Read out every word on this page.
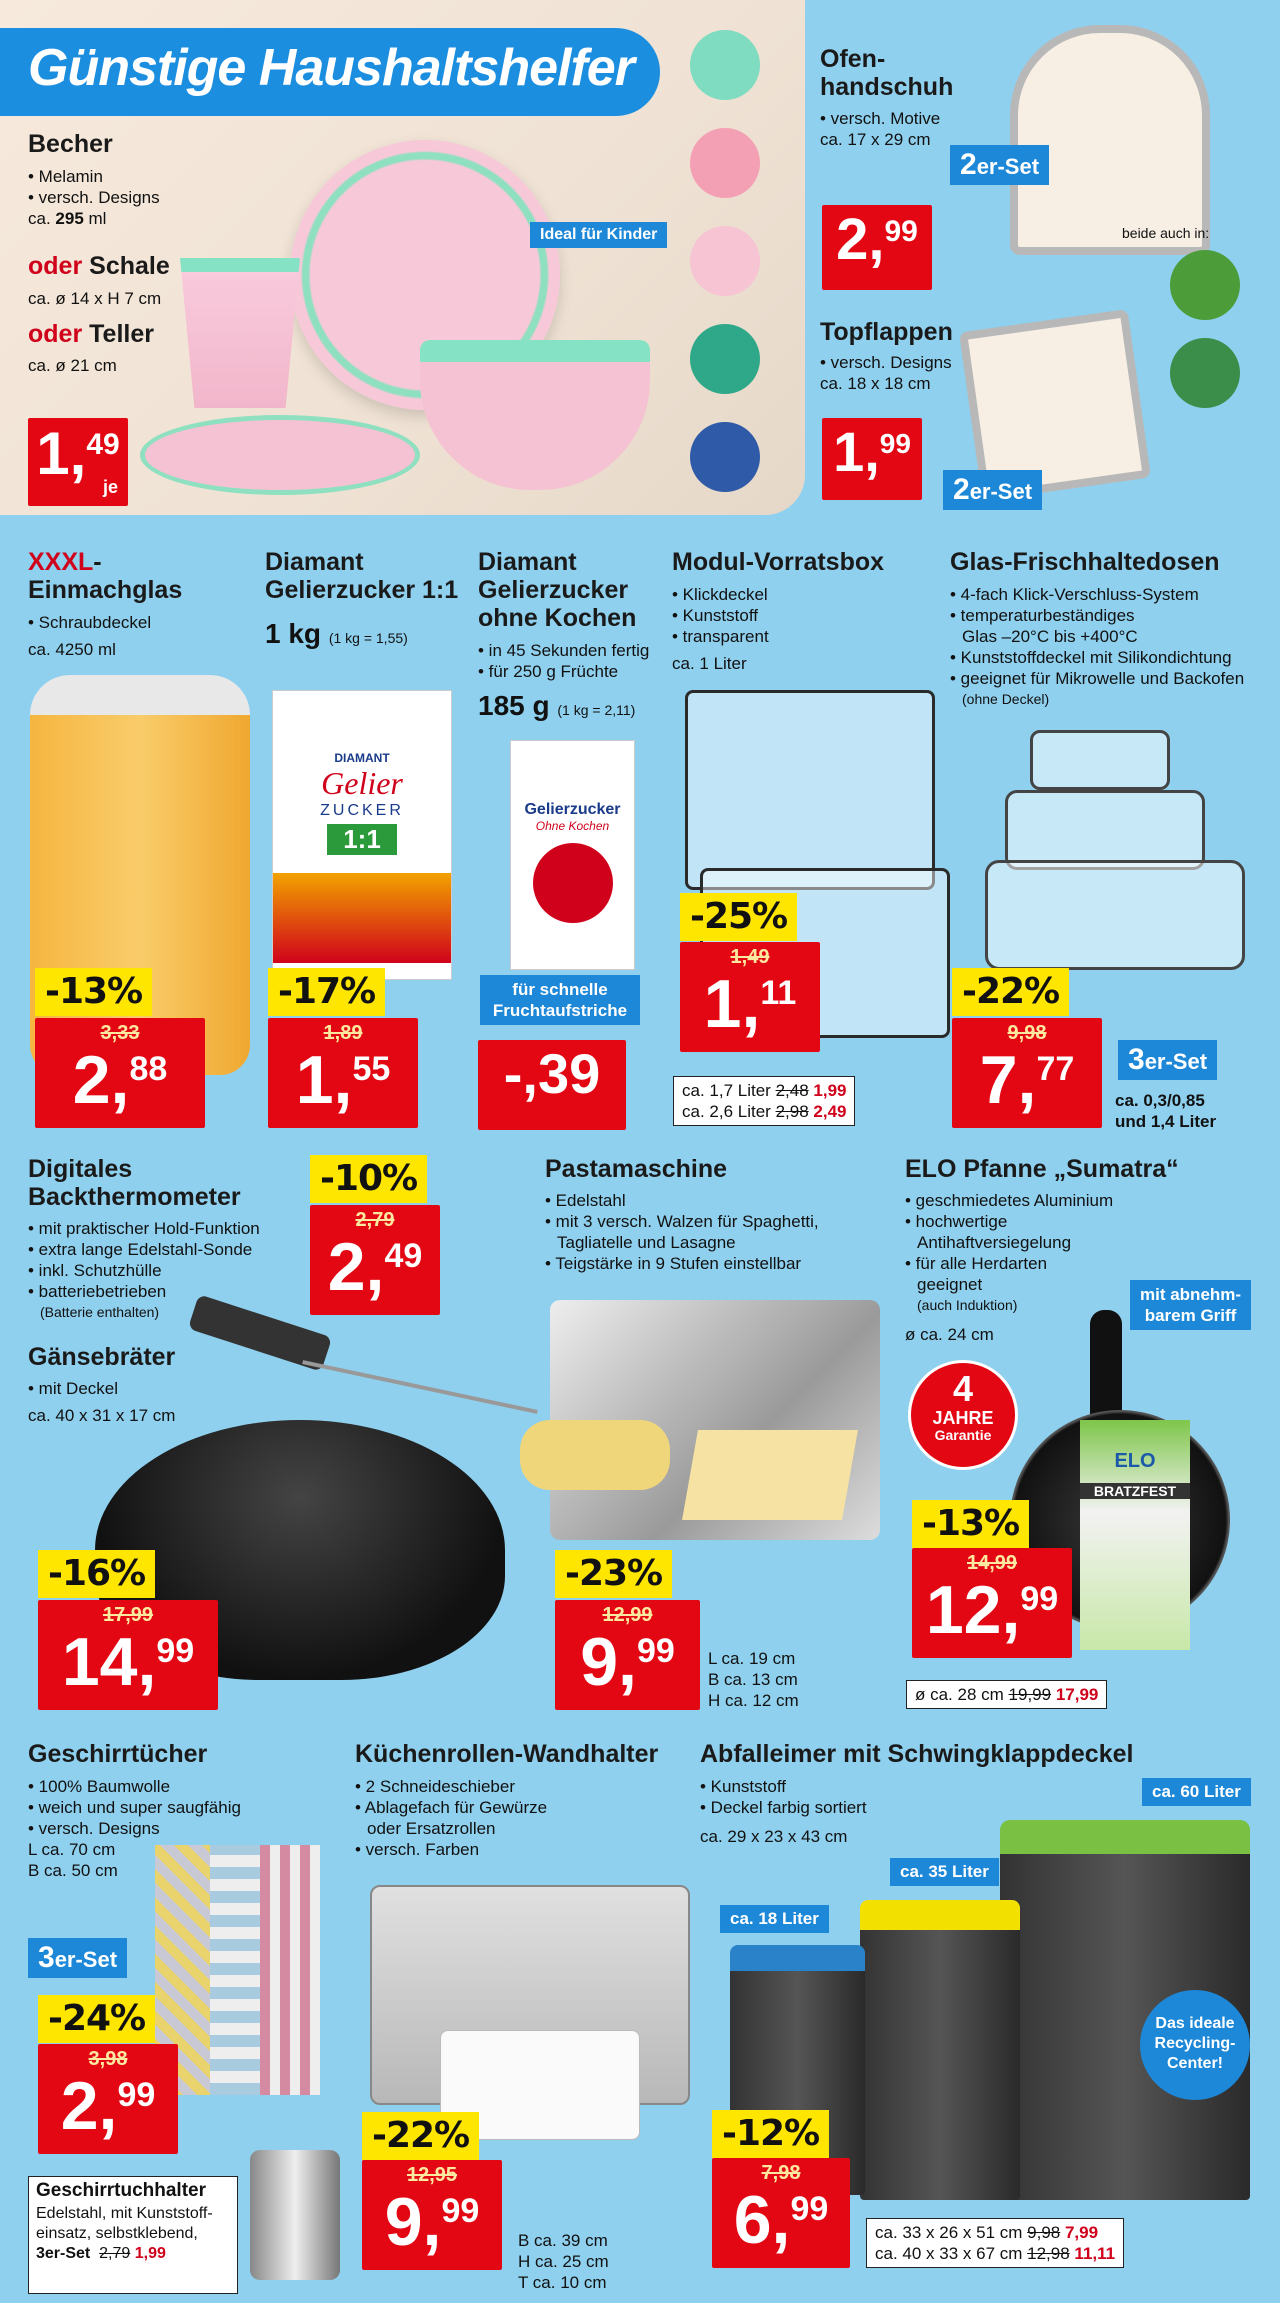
Günstige Haushaltshelfer
Becher
• Melamin
• versch. Designs
ca. 295 ml
oder Schale
ca. ø 14 x H 7 cm
oder Teller
ca. ø 21 cm
Ideal für Kinder
1, 49
je
Ofen-
handschuh
• versch. Motive
ca. 17 x 29 cm
2er-Set
2, 99	beide auch in:
Topflappen
• versch. Designs
ca. 18 x 18 cm
1, 99
2er-Set
XXXL-
Einmachglas
• Schraubdeckel
ca. 4250 ml
-13%
3,33
2, 88
Diamant
Gelierzucker 1:1
1 kg (1 kg = 1,55)
DIAMANT
Gelier
ZUCKER
1:1
-17%
1,89
1, 55
Diamant
Gelierzucker
ohne Kochen
• in 45 Sekunden fertig
• für 250 g Früchte
185 g (1 kg = 2,11)
Gelierzucker
Ohne Kochen
für schnelle
Fruchtaufstriche
-,39
Modul-Vorratsbox
• Klickdeckel
• Kunststoff
• transparent
ca. 1 Liter
-25%
1,49
1, 11
ca. 1,7 Liter 2,48 1,99
ca. 2,6 Liter 2,98 2,49
Glas-Frischhaltedosen
• 4-fach Klick-Verschluss-System
• temperaturbeständiges
Glas –20°C bis +400°C
• Kunststoffdeckel mit Silikondichtung
• geeignet für Mikrowelle und Backofen
(ohne Deckel)
-22%
9,98
7, 77	3er-Set
ca. 0,3/0,85
und 1,4 Liter
Digitales
Backthermometer
• mit praktischer Hold-Funktion
• extra lange Edelstahl-Sonde
• inkl. Schutzhülle
• batteriebetrieben
(Batterie enthalten)
-10%
2,79
2, 49
Gänsebräter
• mit Deckel
ca. 40 x 31 x 17 cm
-16%
17,99
14, 99
Pastamaschine
• Edelstahl
• mit 3 versch. Walzen für Spaghetti,
Tagliatelle und Lasagne
• Teigstärke in 9 Stufen einstellbar
-23%
12,99
9, 99 L ca. 19 cm
B ca. 13 cm
H ca. 12 cm
ELO Pfanne „Sumatra“
• geschmiedetes Aluminium
• hochwertige
Antihaftversiegelung
• für alle Herdarten
geeignet
(auch Induktion)
ø ca. 24 cm
mit abnehm-
barem Griff
ELO
BRATZFEST
4
JAHRE
Garantie
-13%
14,99
12, 99
ø ca. 28 cm 19,99 17,99
Geschirrtücher
• 100% Baumwolle
• weich und super saugfähig
• versch. Designs
L ca. 70 cm
B ca. 50 cm
3er-Set
-24%
3,98
2, 99
Geschirrtuchhalter
Edelstahl, mit Kunststoff-
einsatz, selbstklebend,
3er-Set 2,79 1,99
Küchenrollen-Wandhalter
• 2 Schneideschieber
• Ablagefach für Gewürze
oder Ersatzrollen
• versch. Farben
-22%
12,95
9, 99
B ca. 39 cm
H ca. 25 cm
T ca. 10 cm
Abfalleimer mit Schwingklappdeckel
• Kunststoff
• Deckel farbig sortiert
ca. 29 x 23 x 43 cm
ca. 60 Liter
ca. 35 Liter
ca. 18 Liter
Das ideale
Recycling-
Center!
-12%
7,98
6, 99
ca. 33 x 26 x 51 cm 9,98 7,99
ca. 40 x 33 x 67 cm 12,98 11,11
